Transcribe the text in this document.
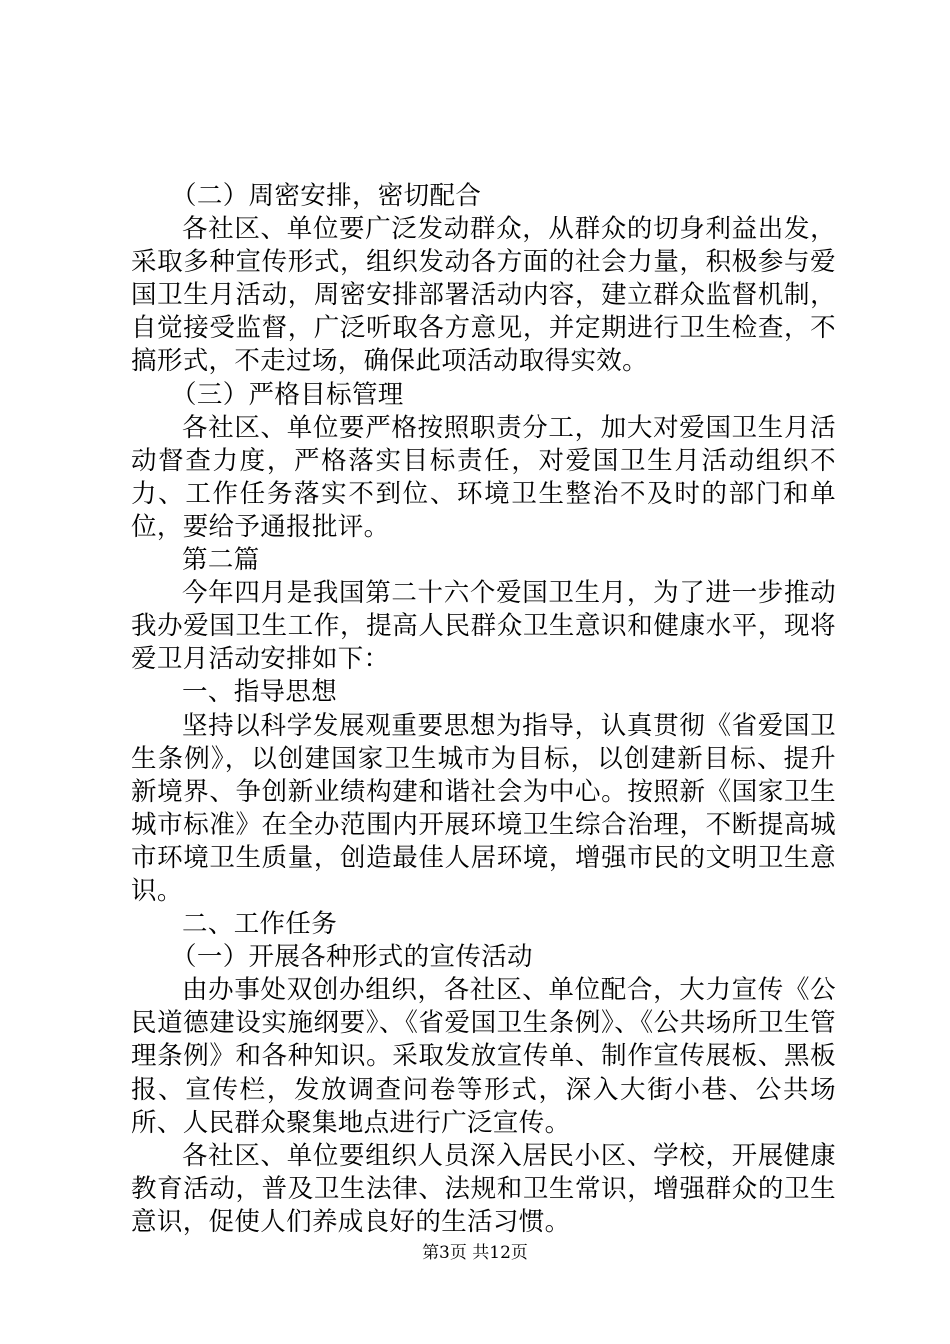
（二）周密安排，密切配合

各社区、单位要广泛发动群众，从群众的切身利益出发，采取多种宣传形式，组织发动各方面的社会力量，积极参与爱国卫生月活动，周密安排部署活动内容，建立群众监督机制，自觉接受监督，广泛听取各方意见，并定期进行卫生检查，不搞形式，不走过场，确保此项活动取得实效。

（三）严格目标管理

各社区、单位要严格按照职责分工，加大对爱国卫生月活动督查力度，严格落实目标责任，对爱国卫生月活动组织不力、工作任务落实不到位、环境卫生整治不及时的部门和单位，要给予通报批评。

第二篇

今年四月是我国第二十六个爱国卫生月，为了进一步推动我办爱国卫生工作，提高人民群众卫生意识和健康水平，现将爱卫月活动安排如下：

一、指导思想

坚持以科学发展观重要思想为指导，认真贯彻《省爱国卫生条例》，以创建国家卫生城市为目标，以创建新目标、提升新境界、争创新业绩构建和谐社会为中心。按照新《国家卫生城市标准》在全办范围内开展环境卫生综合治理，不断提高城市环境卫生质量，创造最佳人居环境，增强市民的文明卫生意识。

二、工作任务

（一）开展各种形式的宣传活动

由办事处双创办组织，各社区、单位配合，大力宣传《公民道德建设实施纲要》、《省爱国卫生条例》、《公共场所卫生管理条例》和各种知识。采取发放宣传单、制作宣传展板、黑板报、宣传栏，发放调查问卷等形式，深入大街小巷、公共场所、人民群众聚集地点进行广泛宣传。

各社区、单位要组织人员深入居民小区、学校，开展健康教育活动，普及卫生法律、法规和卫生常识，增强群众的卫生意识，促使人们养成良好的生活习惯。

第3页 共12页
